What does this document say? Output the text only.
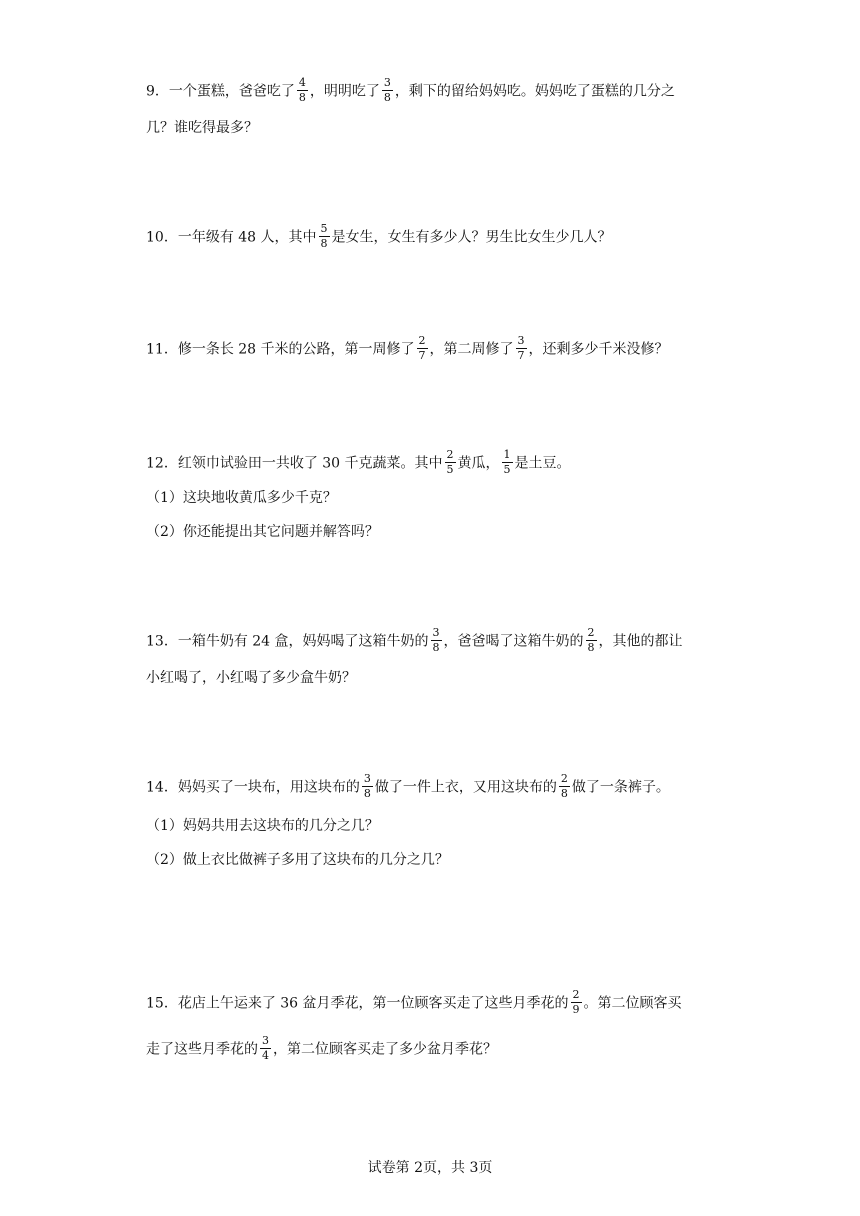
9．一个蛋糕，爸爸吃了 $\frac{4}{8}$ ，明明吃了 $\frac{3}{8}$ ，剩下的留给妈妈吃。妈妈吃了蛋糕的几分之
几？谁吃得最多？
10．一年级有 48 人，其中 $\frac{5}{8}$ 是女生，女生有多少人？男生比女生少几人？
11．修一条长 28 千米的公路，第一周修了 $\frac{2}{7}$ ，第二周修了 $\frac{3}{7}$ ，还剩多少千米没修？
12．红领巾试验田一共收了 30 千克蔬菜。其中 $\frac{2}{5}$ 黄瓜， $\frac{1}{5}$ 是土豆。
（1）这块地收黄瓜多少千克？
（2）你还能提出其它问题并解答吗？
13．一箱牛奶有 24 盒，妈妈喝了这箱牛奶的 $\frac{3}{8}$ ，爸爸喝了这箱牛奶的 $\frac{2}{8}$ ，其他的都让
小红喝了，小红喝了多少盒牛奶？
14．妈妈买了一块布，用这块布的 $\frac{3}{8}$ 做了一件上衣，又用这块布的 $\frac{2}{8}$ 做了一条裤子。
（1）妈妈共用去这块布的几分之几？
（2）做上衣比做裤子多用了这块布的几分之几？
15．花店上午运来了 36 盆月季花，第一位顾客买走了这些月季花的 $\frac{2}{9}$ 。第二位顾客买
走了这些月季花的 $\frac{3}{4}$ ，第二位顾客买走了多少盆月季花？
试卷第 2页，共 3页
